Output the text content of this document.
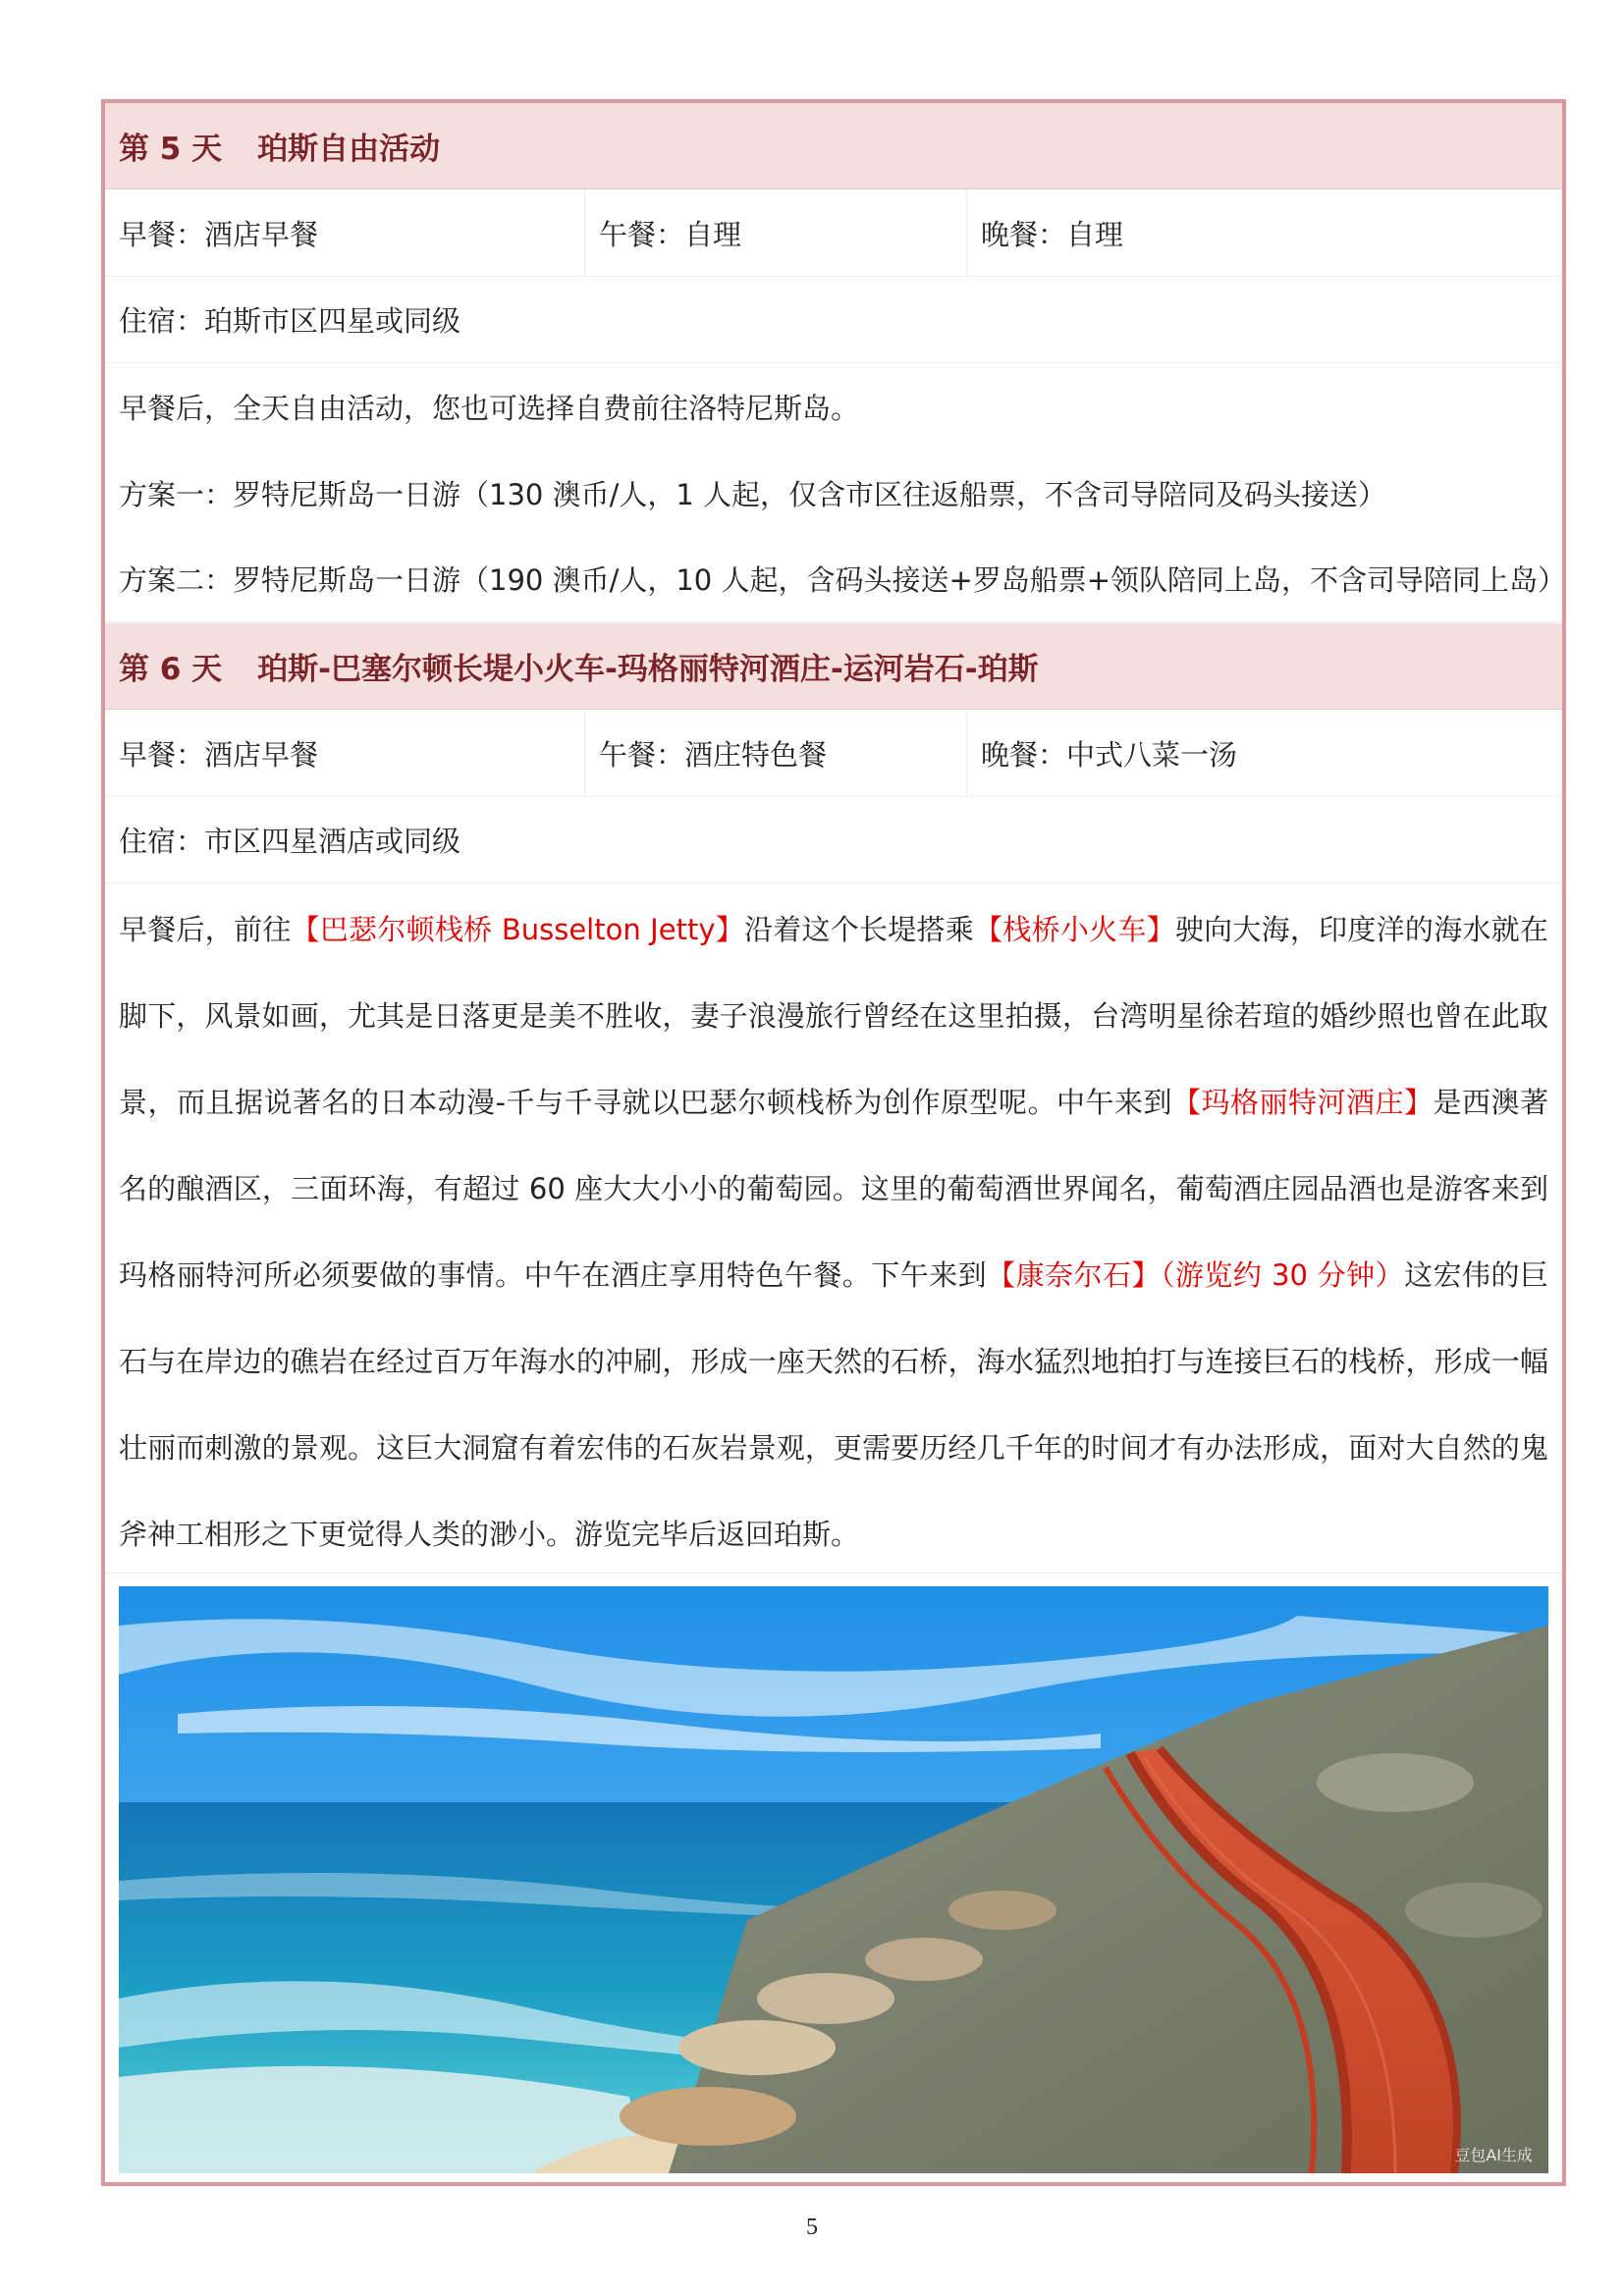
第 5 天 珀斯自由活动
早餐：酒店早餐	午餐：自理	晚餐：自理
住宿：珀斯市区四星或同级
早餐后，全天自由活动，您也可选择自费前往洛特尼斯岛。
方案一：罗特尼斯岛一日游（130 澳币/人，1 人起，仅含市区往返船票，不含司导陪同及码头接送）
方案二：罗特尼斯岛一日游（190 澳币/人，10 人起，含码头接送+罗岛船票+领队陪同上岛，不含司导陪同上岛）
第 6 天 珀斯-巴塞尔顿长堤小火车-玛格丽特河酒庄-运河岩石-珀斯
早餐：酒店早餐	午餐：酒庄特色餐	晚餐：中式八菜一汤
住宿：市区四星酒店或同级
早餐后，前往【巴瑟尔顿栈桥 Busselton Jetty】沿着这个长堤搭乘【栈桥小火车】驶向大海，印度洋的海水就在脚下，风景如画，尤其是日落更是美不胜收，妻子浪漫旅行曾经在这里拍摄，台湾明星徐若瑄的婚纱照也曾在此取景，而且据说著名的日本动漫-千与千寻就以巴瑟尔顿栈桥为创作原型呢。中午来到【玛格丽特河酒庄】是西澳著名的酿酒区，三面环海，有超过 60 座大大小小的葡萄园。这里的葡萄酒世界闻名，葡萄酒庄园品酒也是游客来到玛格丽特河所必须要做的事情。中午在酒庄享用特色午餐。下午来到【康奈尔石】（游览约 30 分钟）这宏伟的巨石与在岸边的礁岩在经过百万年海水的冲刷，形成一座天然的石桥，海水猛烈地拍打与连接巨石的栈桥，形成一幅壮丽而刺激的景观。这巨大洞窟有着宏伟的石灰岩景观，更需要历经几千年的时间才有办法形成，面对大自然的鬼斧神工相形之下更觉得人类的渺小。游览完毕后返回珀斯。
豆包AI生成
5
